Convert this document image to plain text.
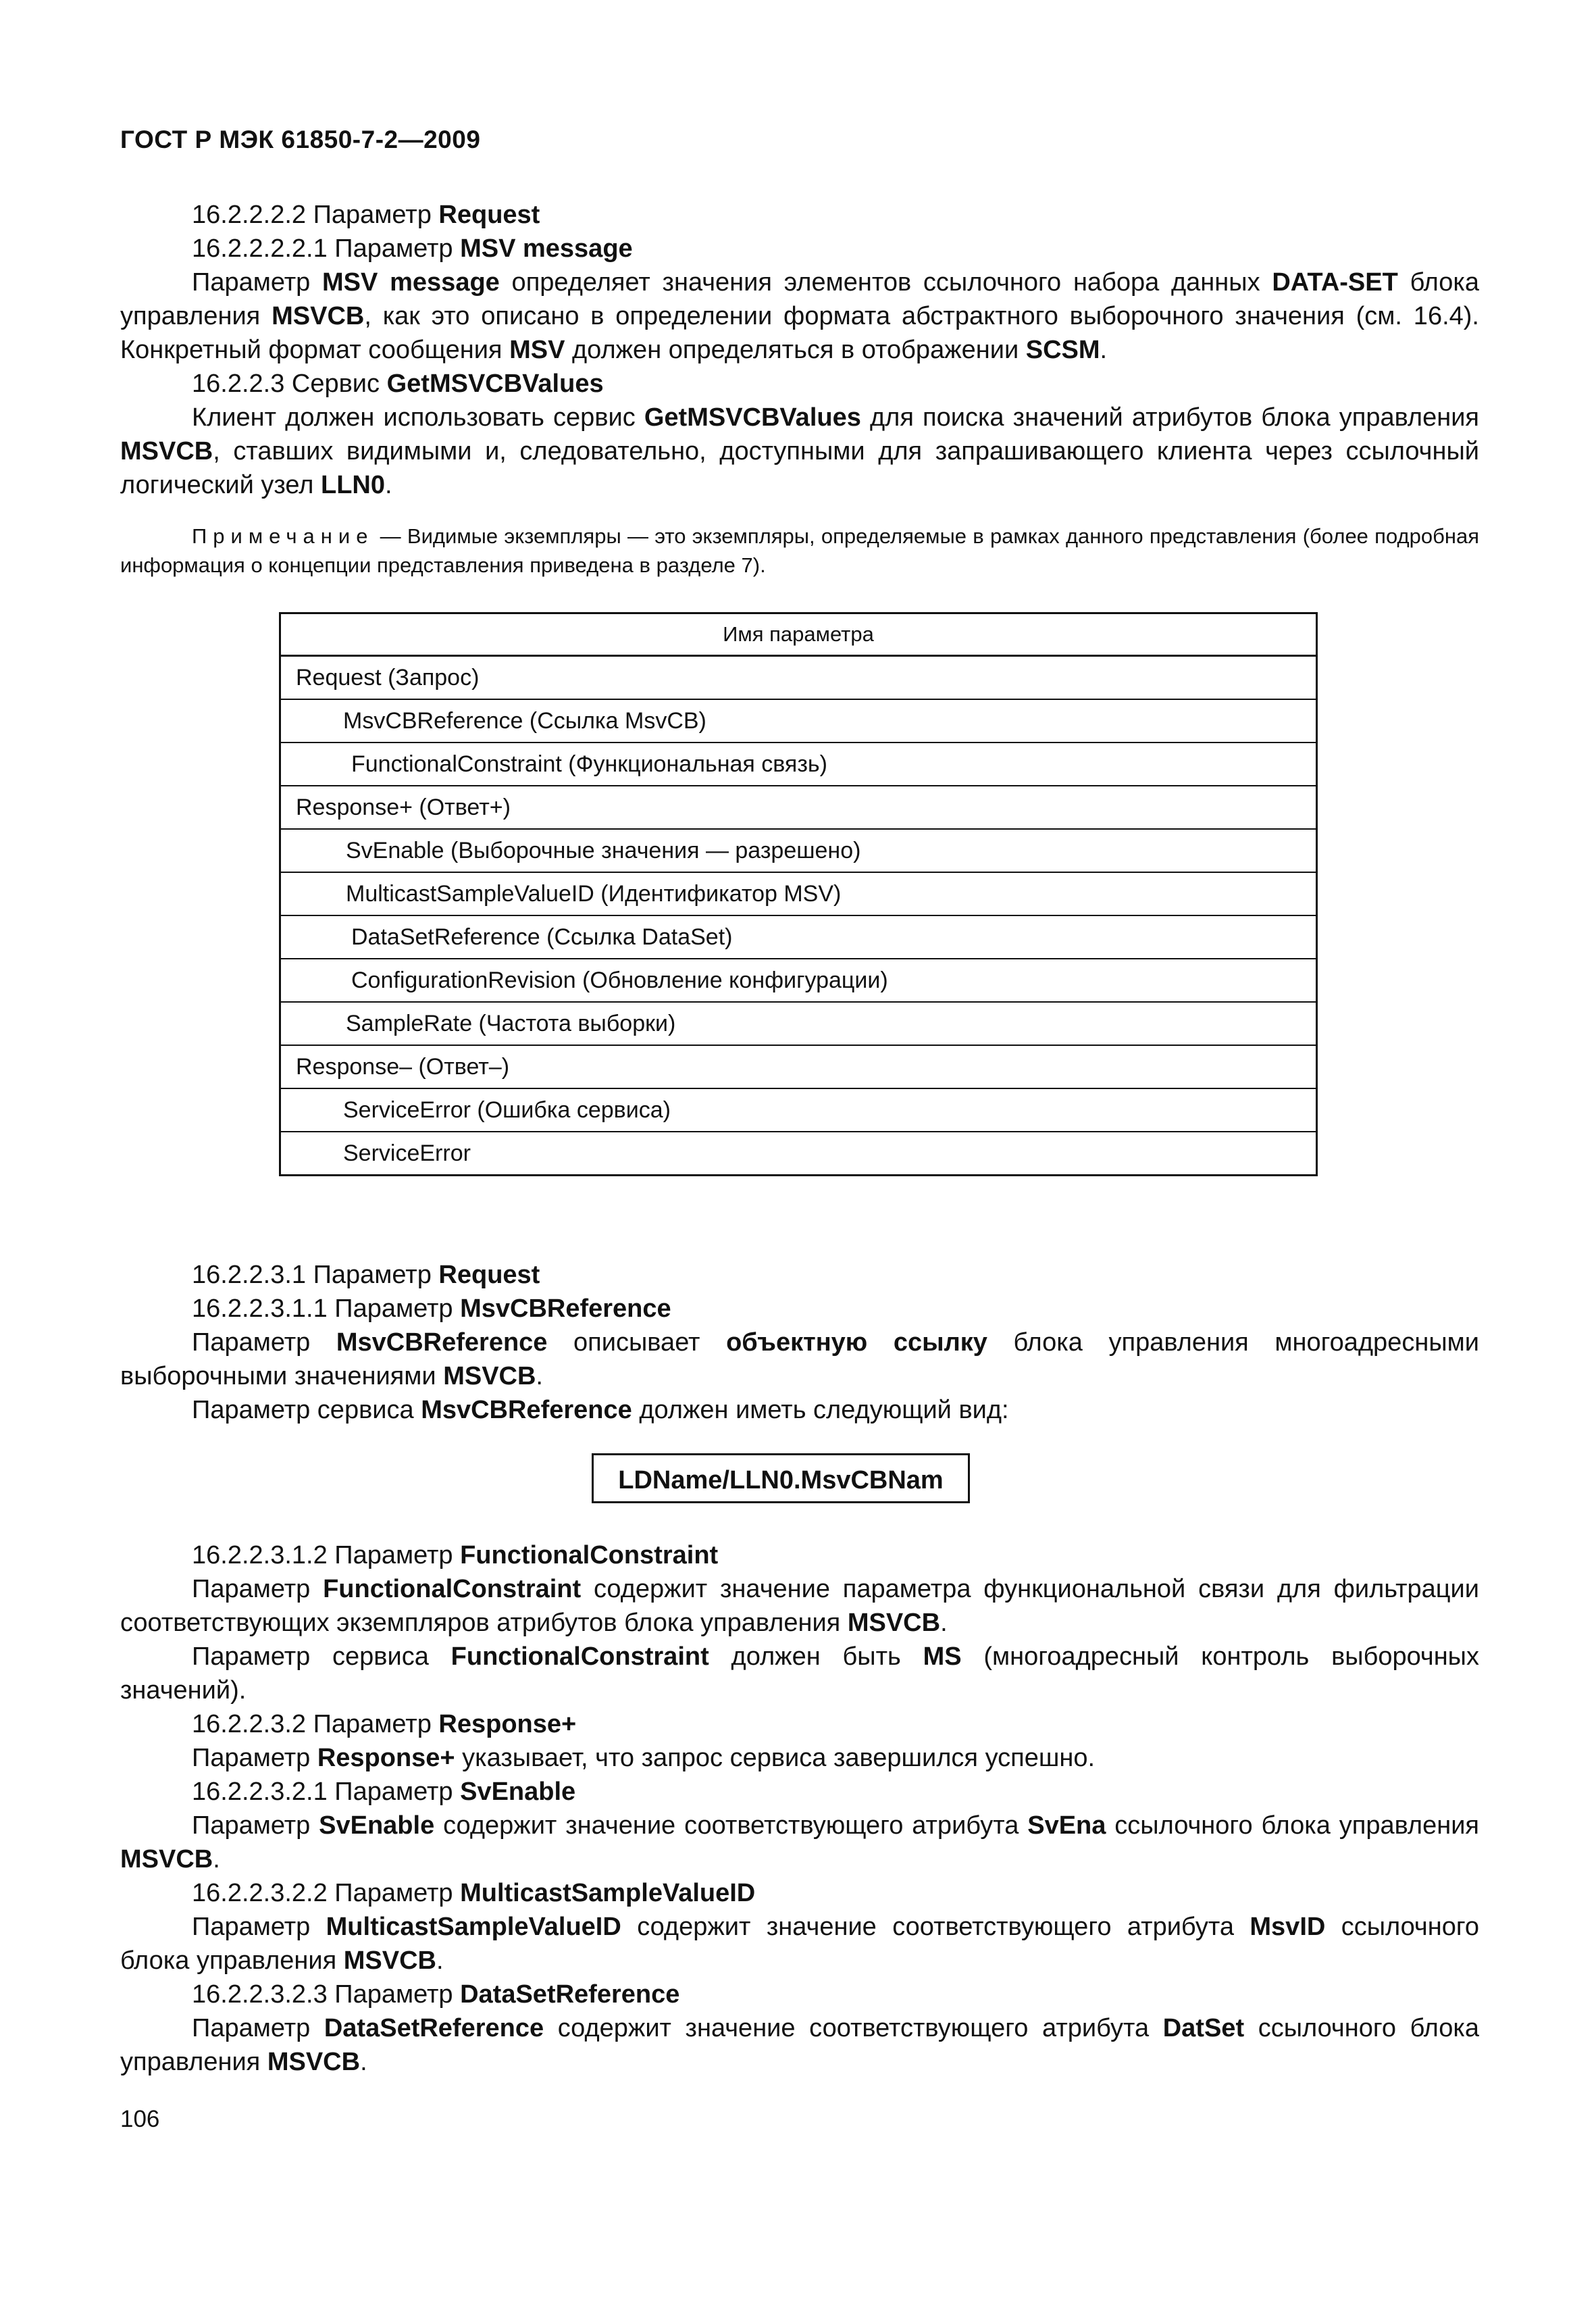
ГОСТ Р МЭК 61850-7-2—2009

16.2.2.2.2 Параметр Request

16.2.2.2.2.1 Параметр MSV message

Параметр MSV message определяет значения элементов ссылочного набора данных DATA-SET блока управления MSVCB, как это описано в определении формата абстрактного выборочного значения (см. 16.4). Конкретный формат сообщения MSV должен определяться в отображении SCSM.

16.2.2.3 Сервис GetMSVCBValues

Клиент должен использовать сервис GetMSVCBValues для поиска значений атрибутов блока управления MSVCB, ставших видимыми и, следовательно, доступными для запрашивающего клиента через ссылочный логический узел LLN0.

Примечание — Видимые экземпляры — это экземпляры, определяемые в рамках данного представления (более подробная информация о концепции представления приведена в разделе 7).

Имя параметра
Request (Запрос)
MsvCBReference (Ссылка MsvCB)
FunctionalConstraint (Функциональная связь)
Response+ (Ответ+)
SvEnable (Выборочные значения — разрешено)
MulticastSampleValueID (Идентификатор MSV)
DataSetReference (Ссылка DataSet)
ConfigurationRevision (Обновление конфигурации)
SampleRate (Частота выборки)
Response– (Ответ–)
ServiceError (Ошибка сервиса)
ServiceError

16.2.2.3.1 Параметр Request

16.2.2.3.1.1 Параметр MsvCBReference

Параметр MsvCBReference описывает объектную ссылку блока управления многоадресными выборочными значениями MSVCB.

Параметр сервиса MsvCBReference должен иметь следующий вид:

LDName/LLN0.MsvCBNam

16.2.2.3.1.2 Параметр FunctionalConstraint

Параметр FunctionalConstraint содержит значение параметра функциональной связи для фильтрации соответствующих экземпляров атрибутов блока управления MSVCB.

Параметр сервиса FunctionalConstraint должен быть MS (многоадресный контроль выборочных значений).

16.2.2.3.2 Параметр Response+

Параметр Response+ указывает, что запрос сервиса завершился успешно.

16.2.2.3.2.1 Параметр SvEnable

Параметр SvEnable содержит значение соответствующего атрибута SvEna ссылочного блока управления MSVCB.

16.2.2.3.2.2 Параметр MulticastSampleValueID

Параметр MulticastSampleValueID содержит значение соответствующего атрибута MsvID ссылочного блока управления MSVCB.

16.2.2.3.2.3 Параметр DataSetReference

Параметр DataSetReference содержит значение соответствующего атрибута DatSet ссылочного блока управления MSVCB.

106
